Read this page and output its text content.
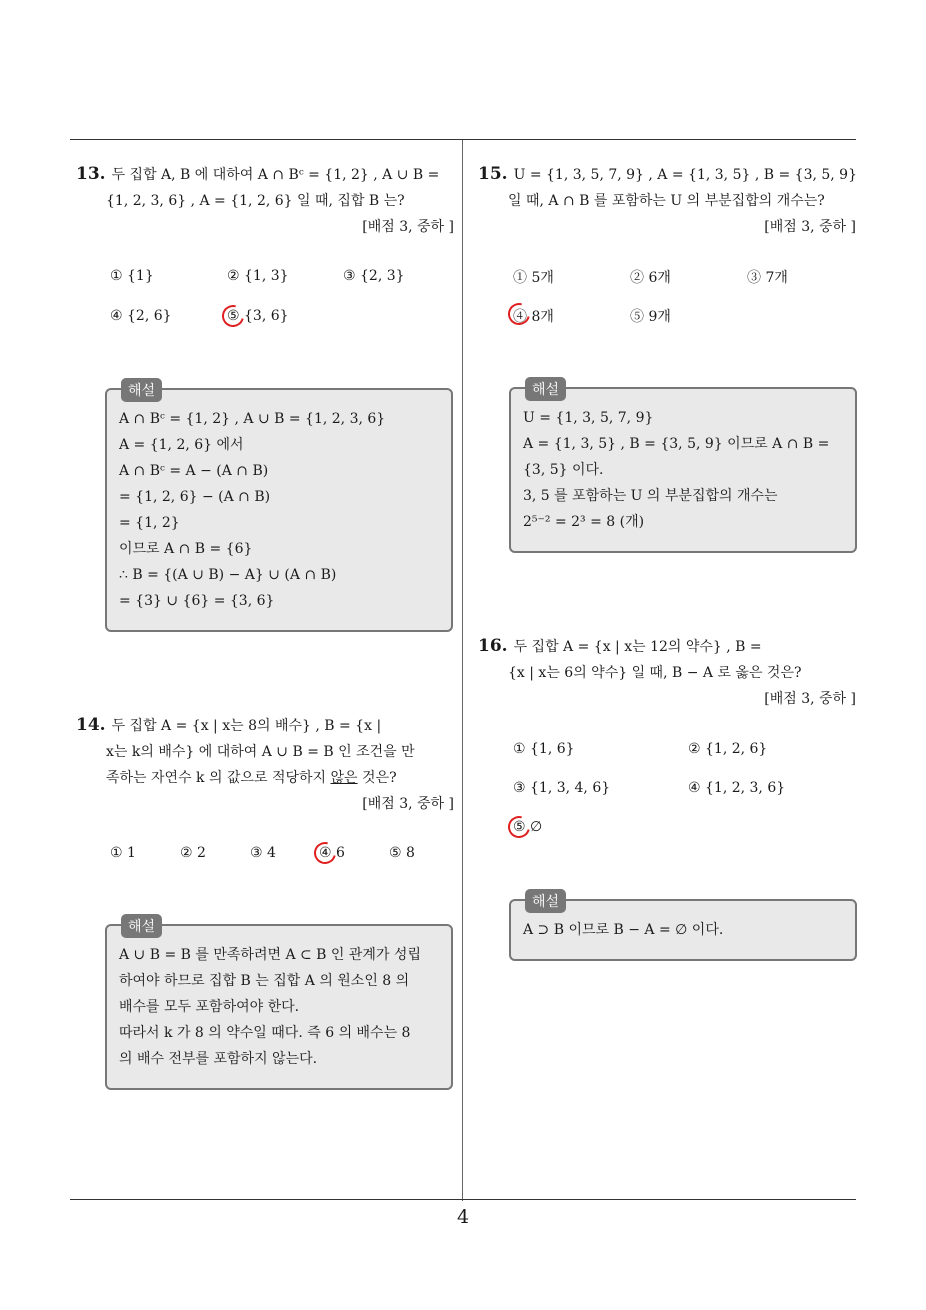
13. 두 집합 A, B 에 대하여 A ∩ Bᶜ = {1, 2} , A ∪ B =
{1, 2, 3, 6} , A = {1, 2, 6} 일 때, 집합 B 는?
[배점 3, 중하 ]
① {1}	② {1, 3}	③ {2, 3}
④ {2, 6}	⑤ {3, 6}
해설
A ∩ Bᶜ = {1, 2} , A ∪ B = {1, 2, 3, 6}
A = {1, 2, 6} 에서
A ∩ Bᶜ = A − (A ∩ B)
= {1, 2, 6} − (A ∩ B)
= {1, 2}
이므로 A ∩ B = {6}
∴ B = {(A ∪ B) − A} ∪ (A ∩ B)
= {3} ∪ {6} = {3, 6}
14. 두 집합 A = {x | x는 8의 배수} , B = {x |
x는 k의 배수} 에 대하여 A ∪ B = B 인 조건을 만
족하는 자연수 k 의 값으로 적당하지 않은 것은?
[배점 3, 중하 ]
① 1	② 2	③ 4	④ 6	⑤ 8
해설
A ∪ B = B 를 만족하려면 A ⊂ B 인 관계가 성립
하여야 하므로 집합 B 는 집합 A 의 원소인 8 의
배수를 모두 포함하여야 한다.
따라서 k 가 8 의 약수일 때다. 즉 6 의 배수는 8
의 배수 전부를 포함하지 않는다.
15. U = {1, 3, 5, 7, 9} , A = {1, 3, 5} , B = {3, 5, 9}
일 때, A ∩ B 를 포함하는 U 의 부분집합의 개수는?
[배점 3, 중하 ]
① 5개	② 6개	③ 7개
④ 8개	⑤ 9개
해설
U = {1, 3, 5, 7, 9}
A = {1, 3, 5} , B = {3, 5, 9} 이므로 A ∩ B =
{3, 5} 이다.
3, 5 를 포함하는 U 의 부분집합의 개수는
2⁵⁻² = 2³ = 8 (개)
16. 두 집합 A = {x | x는 12의 약수} , B =
{x | x는 6의 약수} 일 때, B − A 로 옳은 것은?
[배점 3, 중하 ]
① {1, 6}	② {1, 2, 6}
③ {1, 3, 4, 6}	④ {1, 2, 3, 6}
⑤ ∅
해설
A ⊃ B 이므로 B − A = ∅ 이다.
4
